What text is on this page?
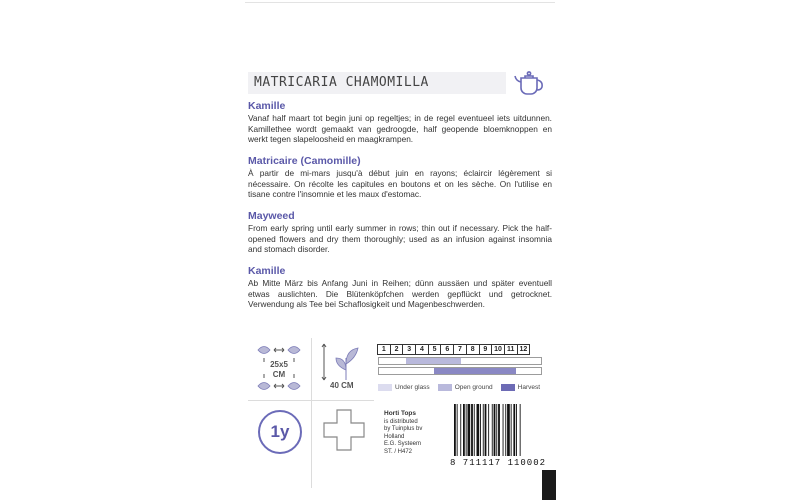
MATRICARIA CHAMOMILLA
Kamille

Vanaf half maart tot begin juni op regeltjes; in de regel eventueel iets uitdunnen. Kamillethee wordt gemaakt van gedroogde, half geopende bloemknoppen en werkt tegen slapeloosheid en maagkrampen.

Matricaire (Camomille)

À partir de mi-mars jusqu'à début juin en rayons; éclaircir légèrement si nécessaire. On récolte les capitules en boutons et on les sèche. On l'utilise en tisane contre l'insomnie et les maux d'estomac.

Mayweed

From early spring until early summer in rows; thin out if necessary. Pick the half-opened flowers and dry them thoroughly; used as an infusion against insomnia and stomach disorder.

Kamille

Ab Mitte März bis Anfang Juni in Reihen; dünn aussäen und später eventuell etwas auslichten. Die Blütenköpfchen werden gepflückt und getrocknet. Verwendung als Tee bei Schaflosigkeit und Magenbeschwerden.

25x5
CM
40 CM
1y
1	2	3	4	5	6	7	8	9 10 11 12
Under glass	Open ground	Harvest
Horti Tops
is distributed
by Tuinplus bv
Holland
E.G. Systeem
ST. / H472
8 711117 110002
